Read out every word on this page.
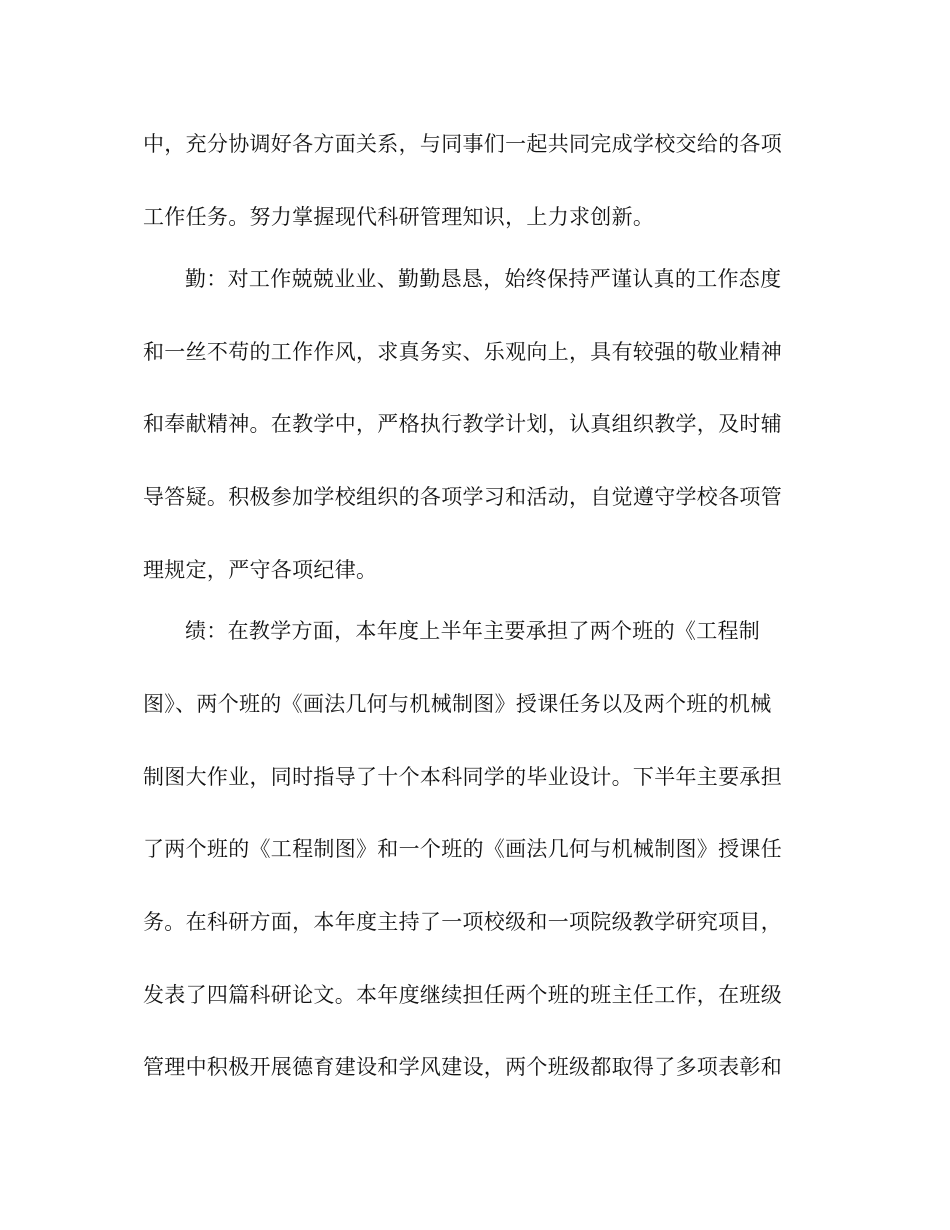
中，充分协调好各方面关系，与同事们一起共同完成学校交给的各项
工作任务。努力掌握现代科研管理知识，上力求创新。
勤：对工作兢兢业业、勤勤恳恳，始终保持严谨认真的工作态度
和一丝不苟的工作作风，求真务实、乐观向上，具有较强的敬业精神
和奉献精神。在教学中，严格执行教学计划，认真组织教学，及时辅
导答疑。积极参加学校组织的各项学习和活动，自觉遵守学校各项管
理规定，严守各项纪律。
绩：在教学方面，本年度上半年主要承担了两个班的《工程制
图》、两个班的《画法几何与机械制图》授课任务以及两个班的机械
制图大作业，同时指导了十个本科同学的毕业设计。下半年主要承担
了两个班的《工程制图》和一个班的《画法几何与机械制图》授课任
务。在科研方面，本年度主持了一项校级和一项院级教学研究项目，
发表了四篇科研论文。本年度继续担任两个班的班主任工作，在班级
管理中积极开展德育建设和学风建设，两个班级都取得了多项表彰和
